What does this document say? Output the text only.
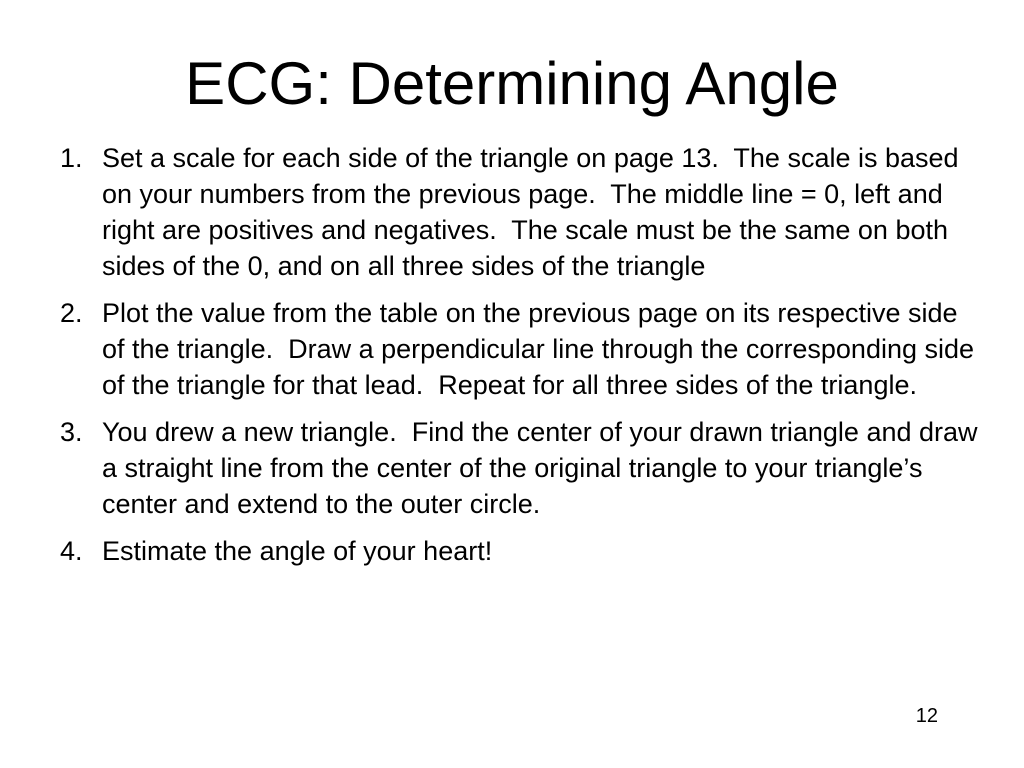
ECG: Determining Angle
1. Set a scale for each side of the triangle on page 13.  The scale is based on your numbers from the previous page.  The middle line = 0, left and right are positives and negatives.  The scale must be the same on both sides of the 0, and on all three sides of the triangle
2. Plot the value from the table on the previous page on its respective side of the triangle.  Draw a perpendicular line through the corresponding side of the triangle for that lead.  Repeat for all three sides of the triangle.
3. You drew a new triangle.  Find the center of your drawn triangle and draw a straight line from the center of the original triangle to your triangle’s center and extend to the outer circle.
4. Estimate the angle of your heart!
12
